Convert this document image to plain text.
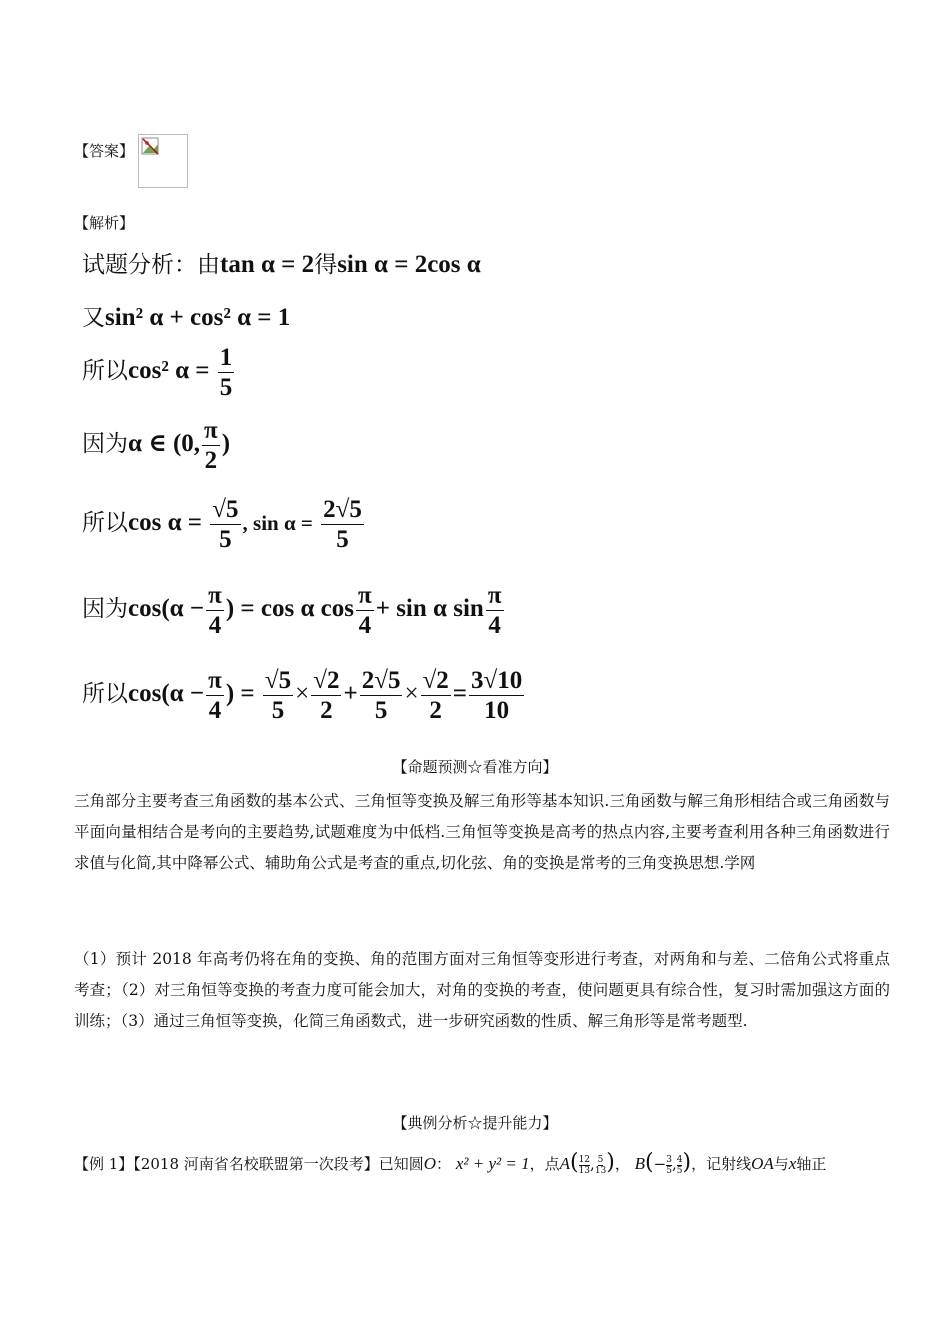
【答案】
【解析】
试题分析：由tan α = 2得sin α = 2cos α
又sin² α + cos² α = 1
所以cos² $\alpha = \frac{1}{5}$
因为α ∈ (0, $\frac{\pi}{2}$ )
所以$\cos \alpha = \frac{√5}{5}$ , $\sin \alpha = \frac{2√5}{5}$
因为$\cos(\alpha - \frac{\pi}{4}$ ) = cos α $\cos \frac{\pi}{4} + \sin \alpha$ $\sin \frac{\pi}{4}$
所以$\cos(\alpha - \frac{\pi}{4}$ ) = $\frac{√5}{5} \times \frac{√2}{2} + \frac{2√5}{5} \times \frac{√2}{2} = \frac{3√10}{10}$
【命题预测☆看准方向】
三角部分主要考查三角函数的基本公式、三角恒等变换及解三角形等基本知识.三角函数与解三角形相结合或三角函数与平面向量相结合是考向的主要趋势,试题难度为中低档.三角恒等变换是高考的热点内容,主要考查利用各种三角函数进行求值与化简,其中降幂公式、辅助角公式是考查的重点,切化弦、角的变换是常考的三角变换思想.学网
（1）预计 2018 年高考仍将在角的变换、角的范围方面对三角恒等变形进行考查，对两角和与差、二倍角公式将重点考查；（2）对三角恒等变换的考查力度可能会加大，对角的变换的考查，使问题更具有综合性，复习时需加强这方面的训练；（3）通过三角恒等变换，化简三角函数式，进一步研究函数的性质、解三角形等是常考题型.
【典例分析☆提升能力】
【例 1】【2018 河南省名校联盟第一次段考】已知圆O： x² + y² = 1，点$A( \frac{12}{13}$ , $\frac{5}{13}$ )， $B(- \frac{3}{5}$ , $\frac{4}{5}$ )，记射线OA与x轴正
